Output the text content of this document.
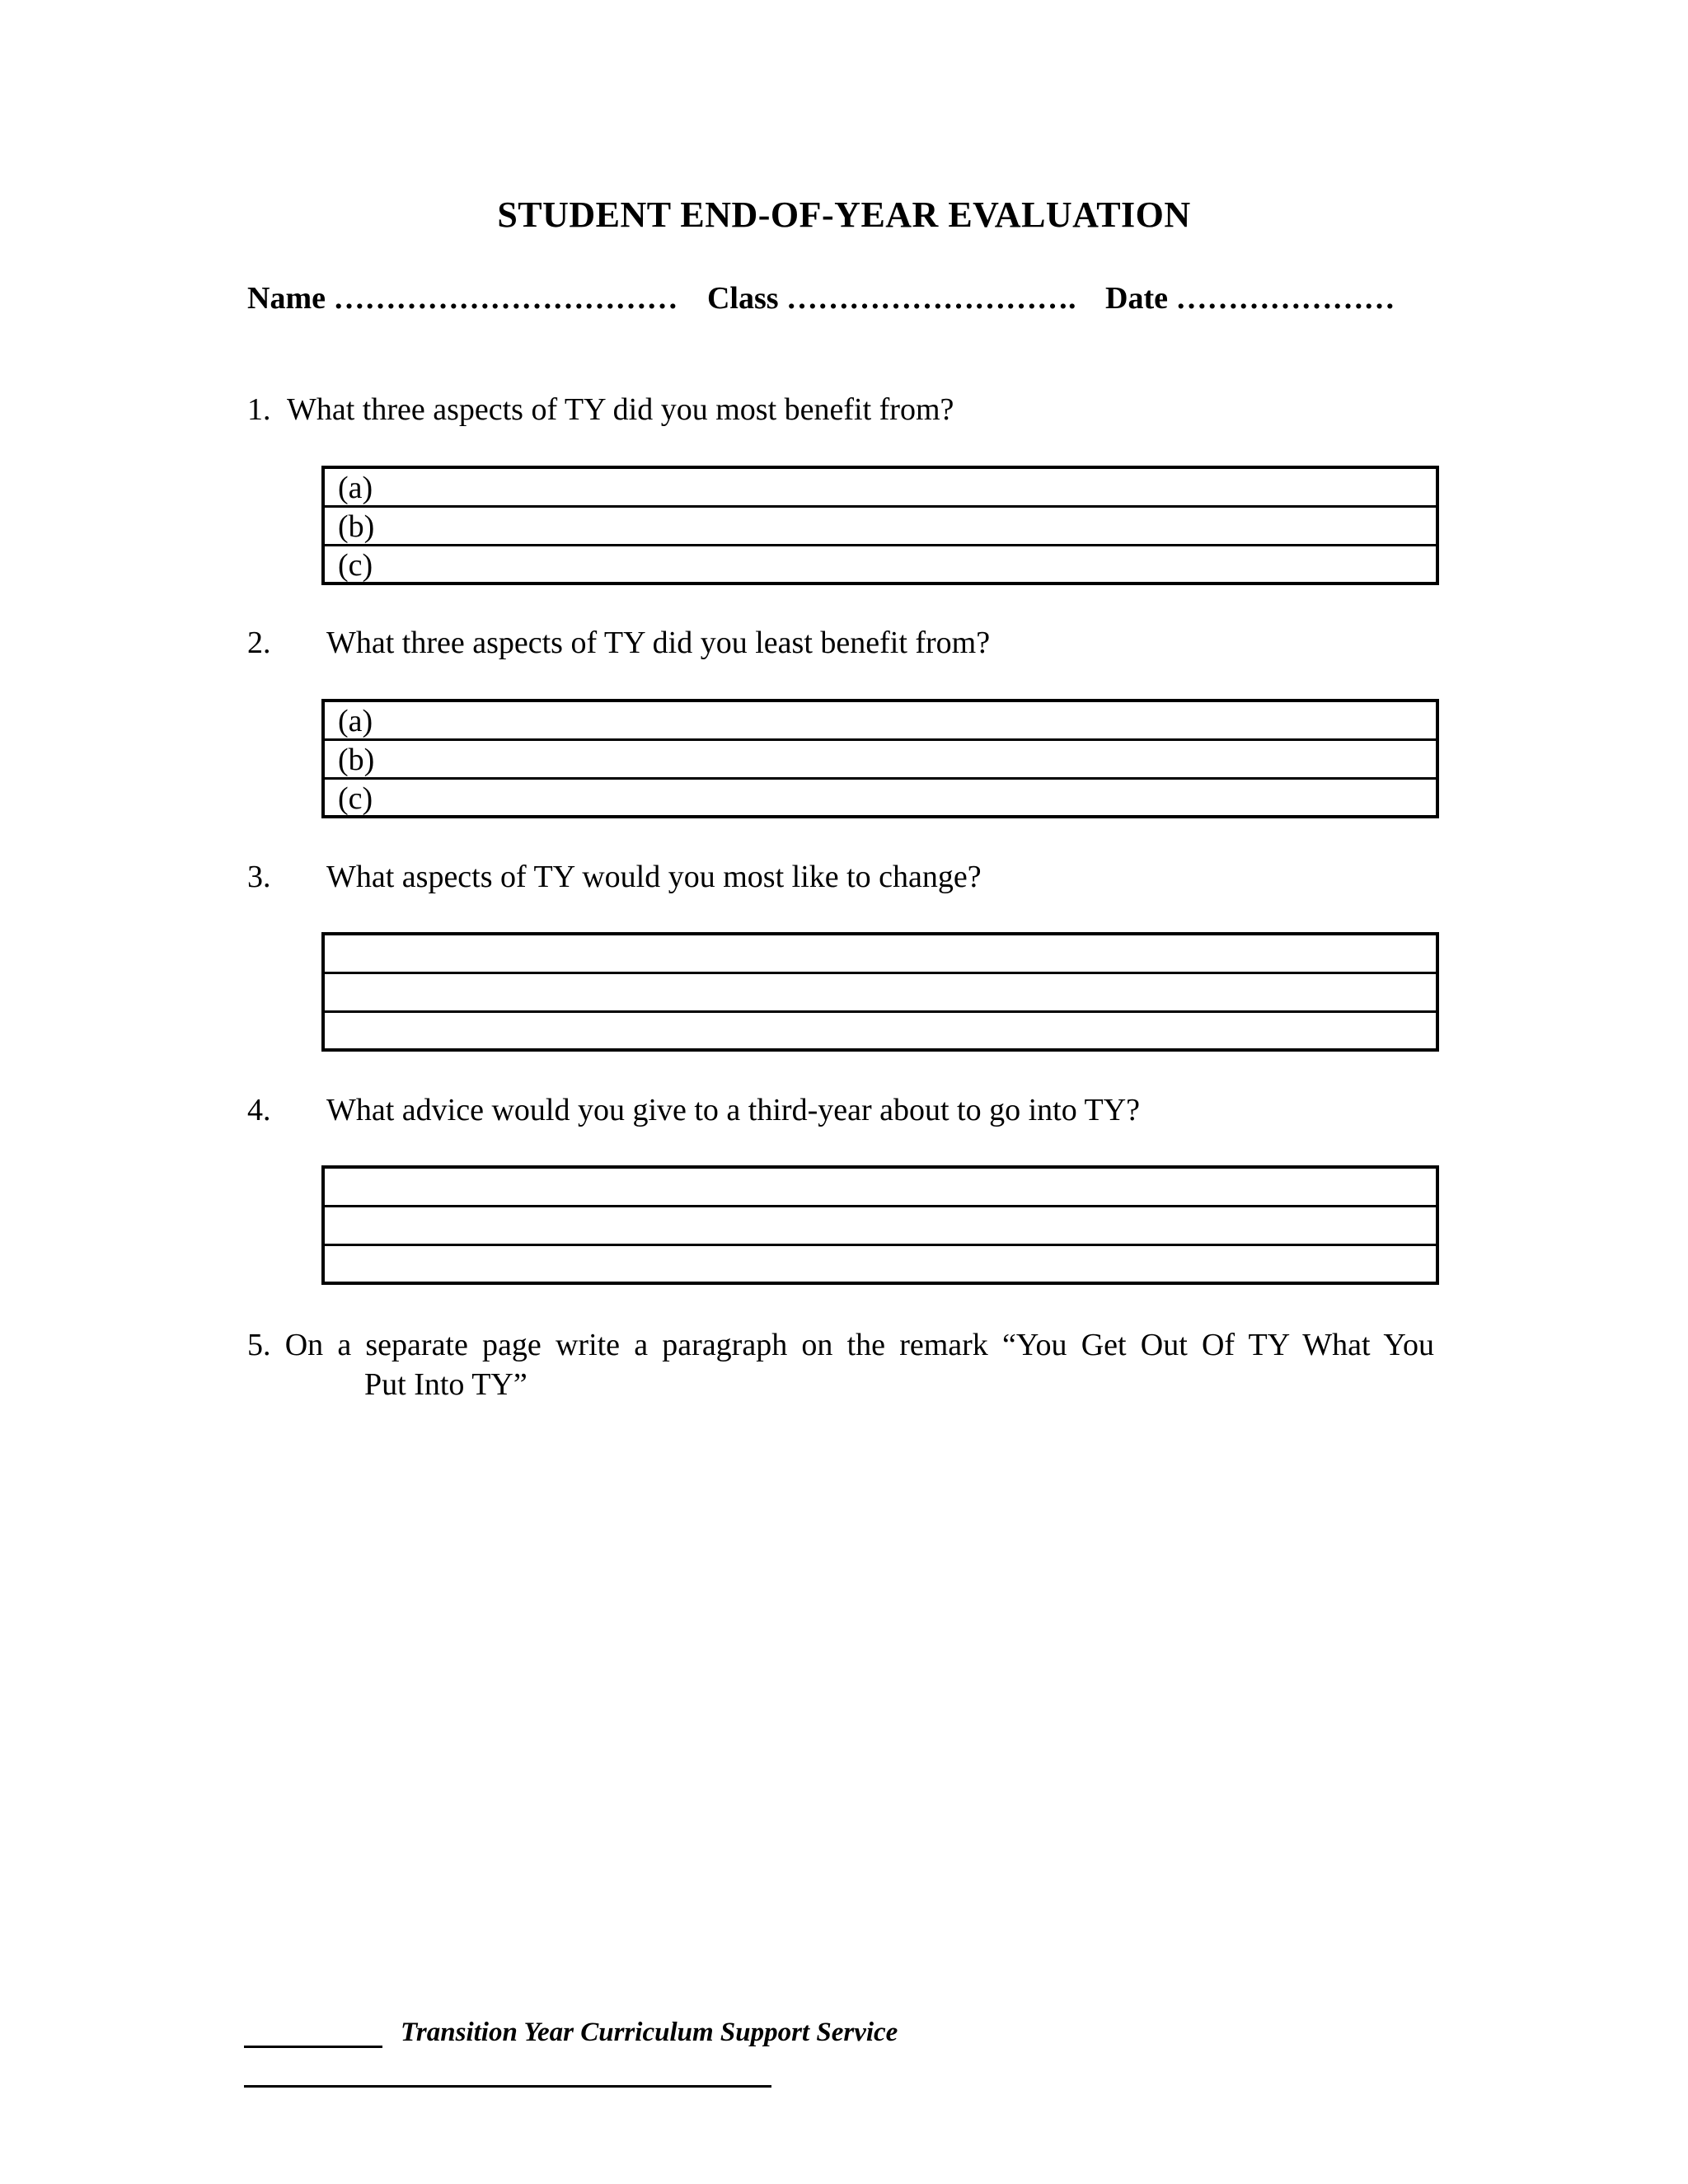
STUDENT END-OF-YEAR EVALUATION
Name …………………………… Class ………………………. Date …………………
1. What three aspects of TY did you most benefit from?
(a)
(b)
(c)
2. What three aspects of TY did you least benefit from?
(a)
(b)
(c)
3. What aspects of TY would you most like to change?
4. What advice would you give to a third-year about to go into TY?
5. On a separate page write a paragraph on the remark “You Get Out Of TY What You
Put Into TY”
Transition Year Curriculum Support Service
